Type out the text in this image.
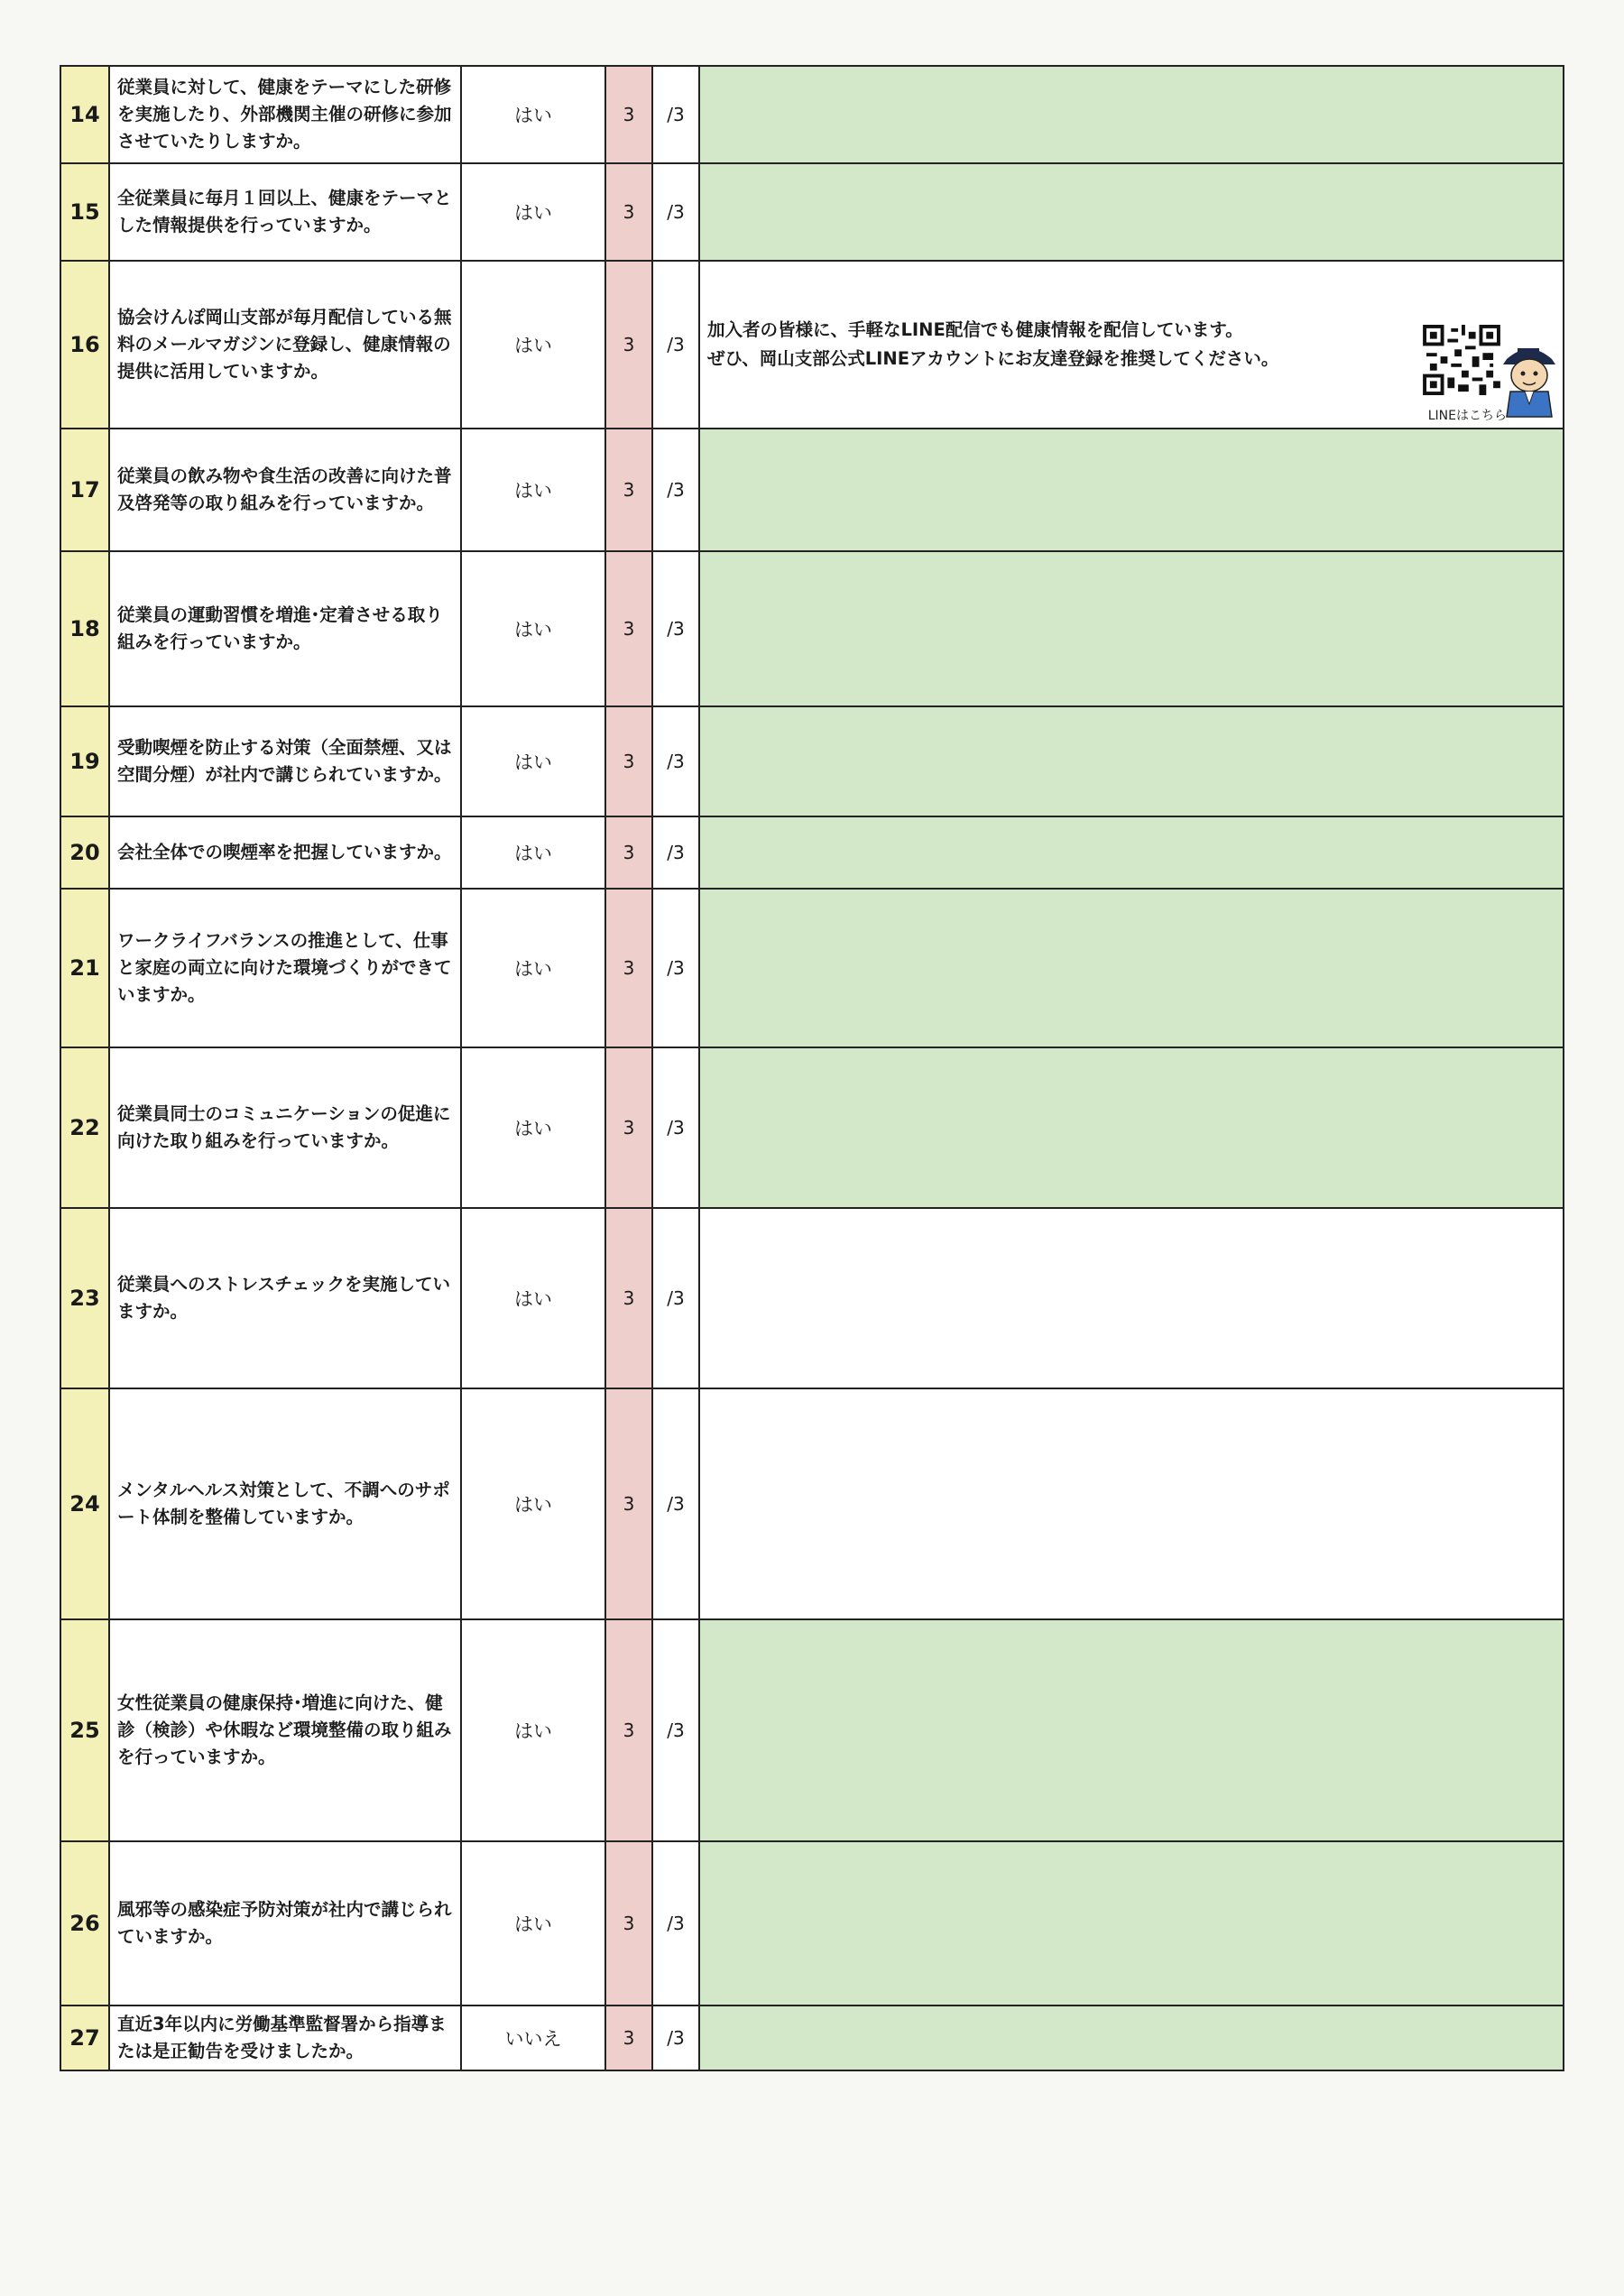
14	従業員に対して、健康をテーマにした研修を実施したり、外部機関主催の研修に参加させていたりしますか。	はい	3	/3	
15	全従業員に毎月１回以上、健康をテーマとした情報提供を行っていますか。	はい	3	/3	
16	協会けんぽ岡山支部が毎月配信している無料のメールマガジンに登録し、健康情報の提供に活用していますか。	はい	3	/3	加入者の皆様に、手軽なLINE配信でも健康情報を配信しています。
ぜひ、岡山支部公式LINEアカウントにお友達登録を推奨してください。
LINEはこちら

17	従業員の飲み物や食生活の改善に向けた普及啓発等の取り組みを行っていますか。	はい	3	/3	
18	従業員の運動習慣を増進･定着させる取り組みを行っていますか。	はい	3	/3	
19	受動喫煙を防止する対策（全面禁煙、又は空間分煙）が社内で講じられていますか。	はい	3	/3	
20	会社全体での喫煙率を把握していますか。	はい	3	/3	
21	ワークライフバランスの推進として、仕事と家庭の両立に向けた環境づくりができていますか。	はい	3	/3	
22	従業員同士のコミュニケーションの促進に向けた取り組みを行っていますか。	はい	3	/3	
23	従業員へのストレスチェックを実施していますか。	はい	3	/3	
24	メンタルヘルス対策として、不調へのサポート体制を整備していますか。	はい	3	/3	
25	女性従業員の健康保持･増進に向けた、健診（検診）や休暇など環境整備の取り組みを行っていますか。	はい	3	/3	
26	風邪等の感染症予防対策が社内で講じられていますか。	はい	3	/3	
27	直近3年以内に労働基準監督署から指導または是正勧告を受けましたか。	いいえ	3	/3	
